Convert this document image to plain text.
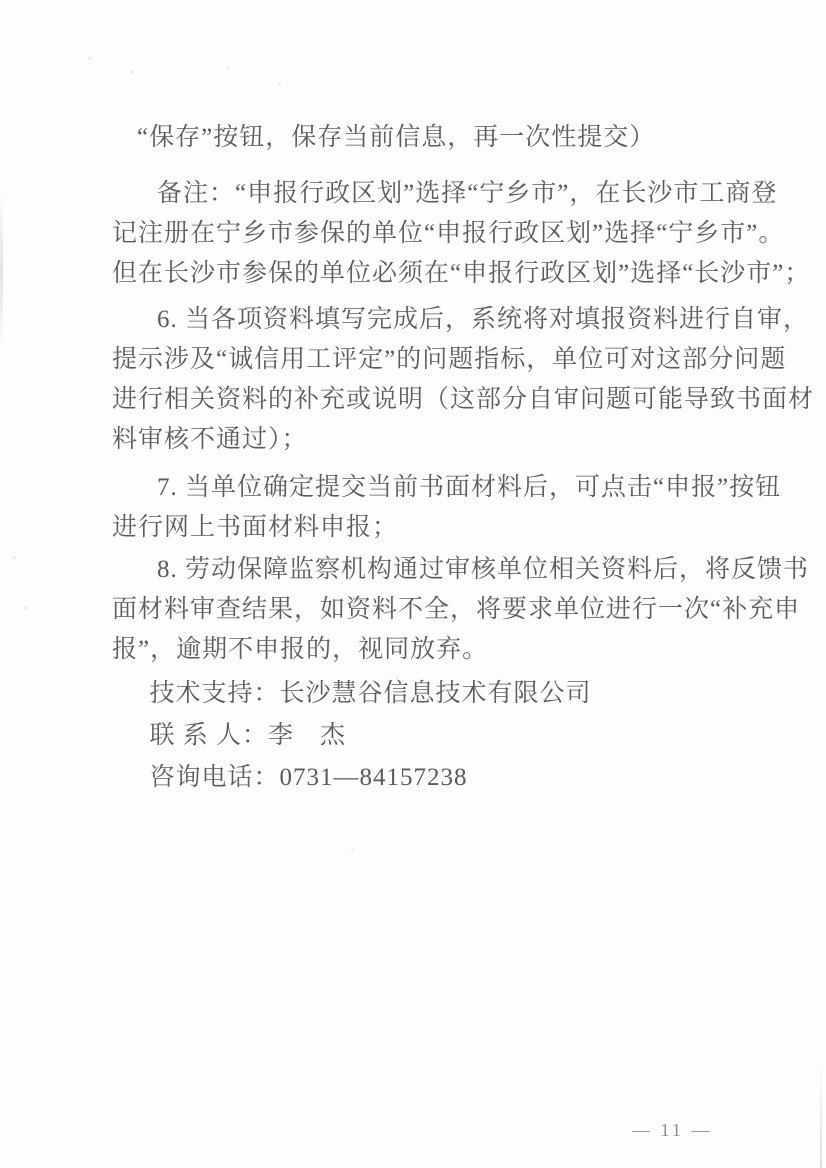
“保存”按钮，保存当前信息，再一次性提交）

备注：“申报行政区划”选择“宁乡市”，在长沙市工商登
记注册在宁乡市参保的单位“申报行政区划”选择“宁乡市”。
但在长沙市参保的单位必须在“申报行政区划”选择“长沙市”；

6. 当各项资料填写完成后，系统将对填报资料进行自审，
提示涉及“诚信用工评定”的问题指标，单位可对这部分问题
进行相关资料的补充或说明（这部分自审问题可能导致书面材
料审核不通过）；

7. 当单位确定提交当前书面材料后，可点击“申报”按钮
进行网上书面材料申报；

8. 劳动保障监察机构通过审核单位相关资料后，将反馈书
面材料审查结果，如资料不全，将要求单位进行一次“补充申
报”，逾期不申报的，视同放弃。

技术支持：长沙慧谷信息技术有限公司

联 系 人：李　杰

咨询电话：0731—84157238

— 11 —
